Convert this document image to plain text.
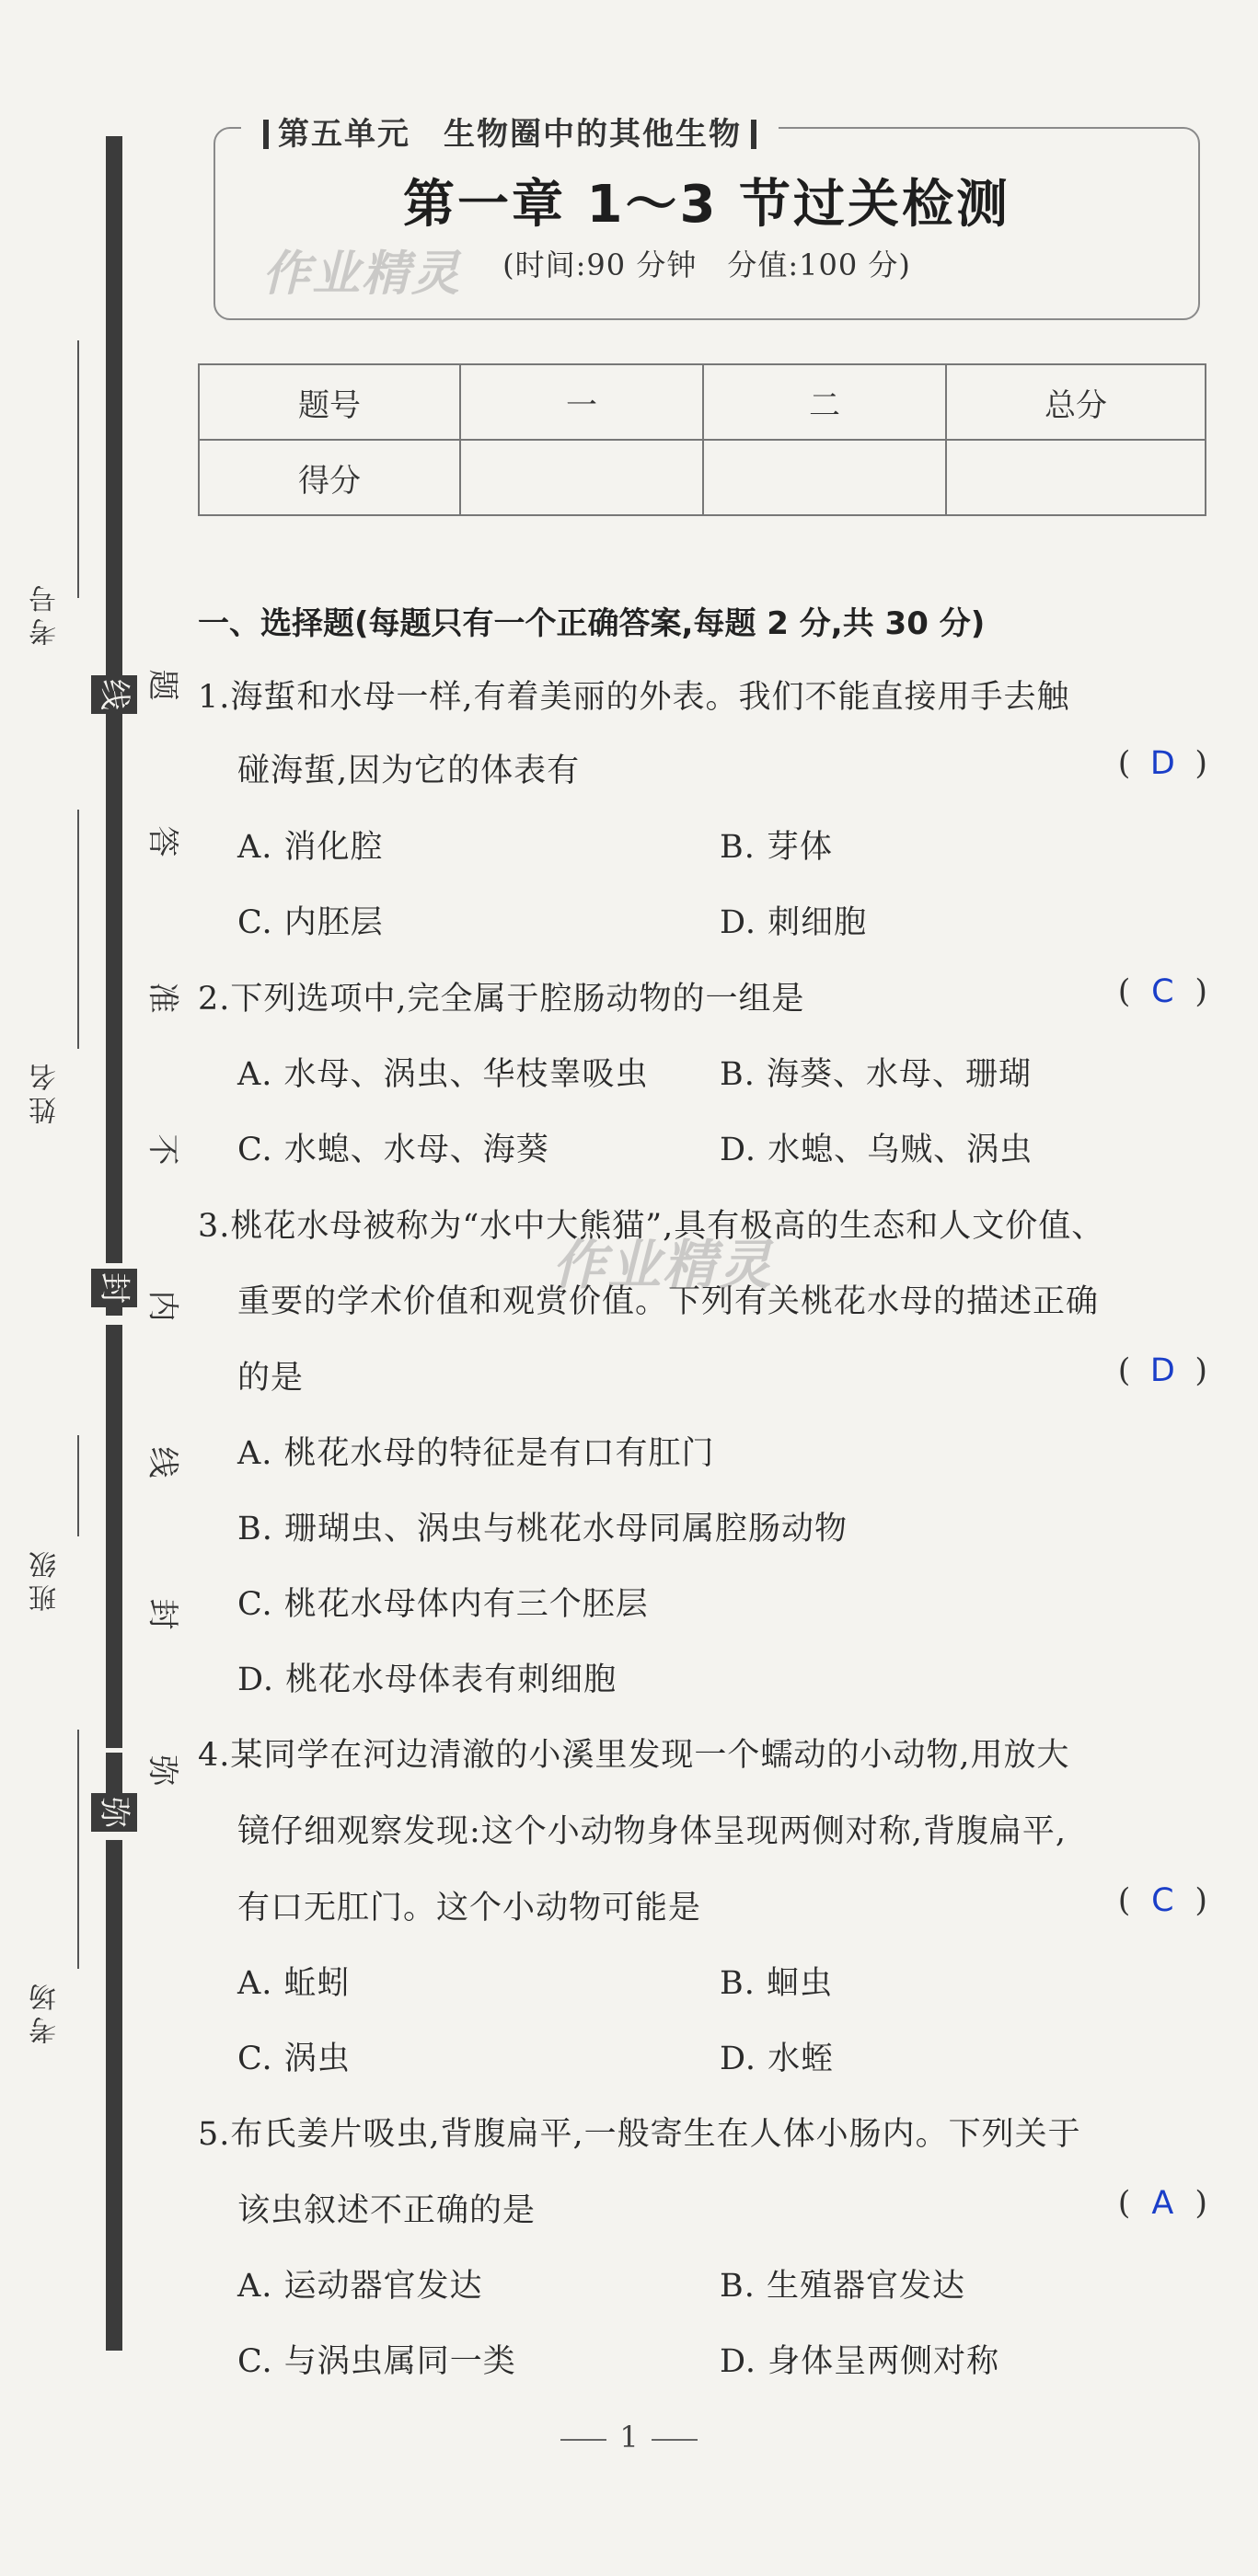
考号
姓名
班级
考场
题
答
准
不
内
线
封
弥
线
封
弥
第五单元　生物圈中的其他生物
第一章 1～3 节过关检测
(时间:90 分钟　分值:100 分)
作业精灵
作业精灵
题号	一	二	总分
得分			
一、选择题(每题只有一个正确答案,每题 2 分,共 30 分)
1.海蜇和水母一样,有着美丽的外表。我们不能直接用手去触
碰海蜇,因为它的体表有	( D )
A. 消化腔	B. 芽体
C. 内胚层	D. 刺细胞
2.下列选项中,完全属于腔肠动物的一组是	( C )
A. 水母、涡虫、华枝睾吸虫 B. 海葵、水母、珊瑚
C. 水螅、水母、海葵	D. 水螅、乌贼、涡虫
3.桃花水母被称为“水中大熊猫”,具有极高的生态和人文价值、
重要的学术价值和观赏价值。下列有关桃花水母的描述正确
的是	( D )
A. 桃花水母的特征是有口有肛门
B. 珊瑚虫、涡虫与桃花水母同属腔肠动物
C. 桃花水母体内有三个胚层
D. 桃花水母体表有刺细胞
4.某同学在河边清澈的小溪里发现一个蠕动的小动物,用放大
镜仔细观察发现:这个小动物身体呈现两侧对称,背腹扁平,
有口无肛门。这个小动物可能是	( C )
A. 蚯蚓	B. 蛔虫
C. 涡虫	D. 水蛭
5.布氏姜片吸虫,背腹扁平,一般寄生在人体小肠内。下列关于
该虫叙述不正确的是	( A )
A. 运动器官发达	B. 生殖器官发达
C. 与涡虫属同一类	D. 身体呈两侧对称
1
